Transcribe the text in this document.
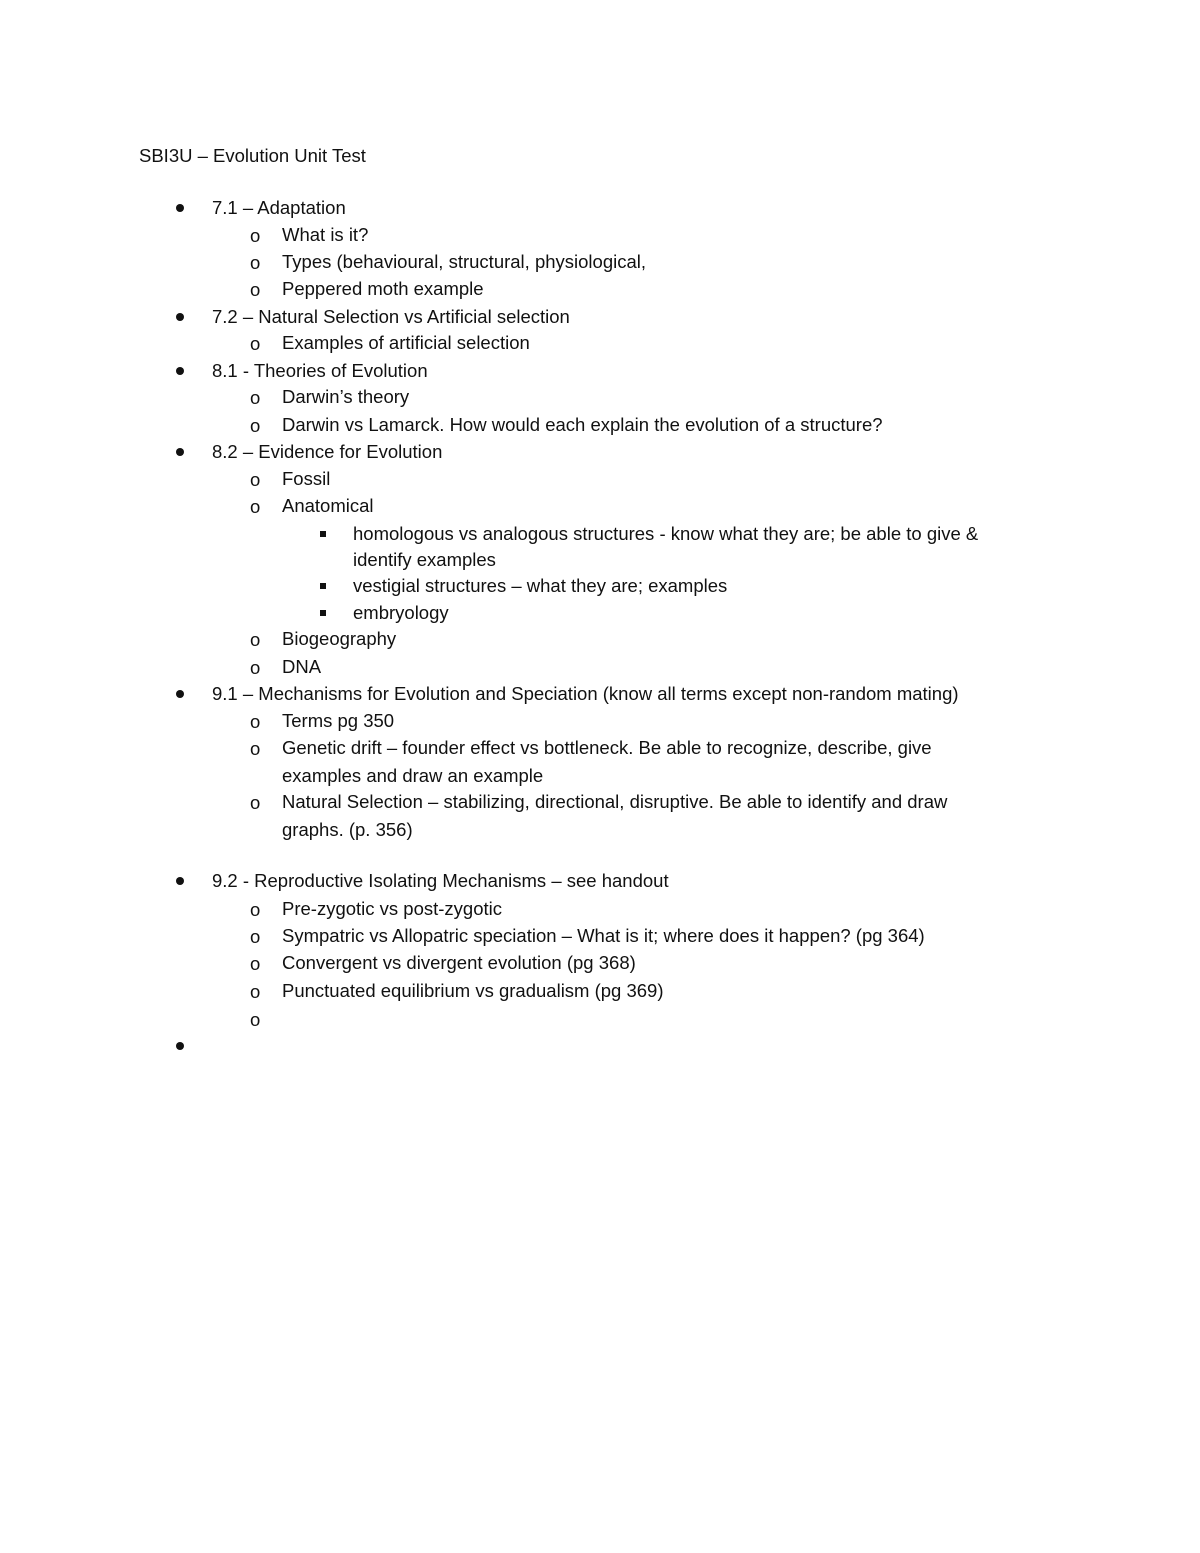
SBI3U – Evolution Unit Test
7.1 – Adaptation
o What is it?
o Types (behavioural, structural, physiological,
o Peppered moth example
7.2 – Natural Selection vs Artificial selection
o Examples of artificial selection
8.1 - Theories of Evolution
o Darwin’s theory
o Darwin vs Lamarck. How would each explain the evolution of a structure?
8.2 – Evidence for Evolution
o Fossil
o Anatomical
homologous vs analogous structures - know what they are; be able to give &
identify examples
vestigial structures – what they are; examples
embryology
o Biogeography
o DNA
9.1 – Mechanisms for Evolution and Speciation (know all terms except non-random mating)
o Terms pg 350
o Genetic drift – founder effect vs bottleneck. Be able to recognize, describe, give
examples and draw an example
o Natural Selection – stabilizing, directional, disruptive. Be able to identify and draw
graphs. (p. 356)
9.2 - Reproductive Isolating Mechanisms – see handout
o Pre-zygotic vs post-zygotic
o Sympatric vs Allopatric speciation – What is it; where does it happen? (pg 364)
o Convergent vs divergent evolution (pg 368)
o Punctuated equilibrium vs gradualism (pg 369)
o
